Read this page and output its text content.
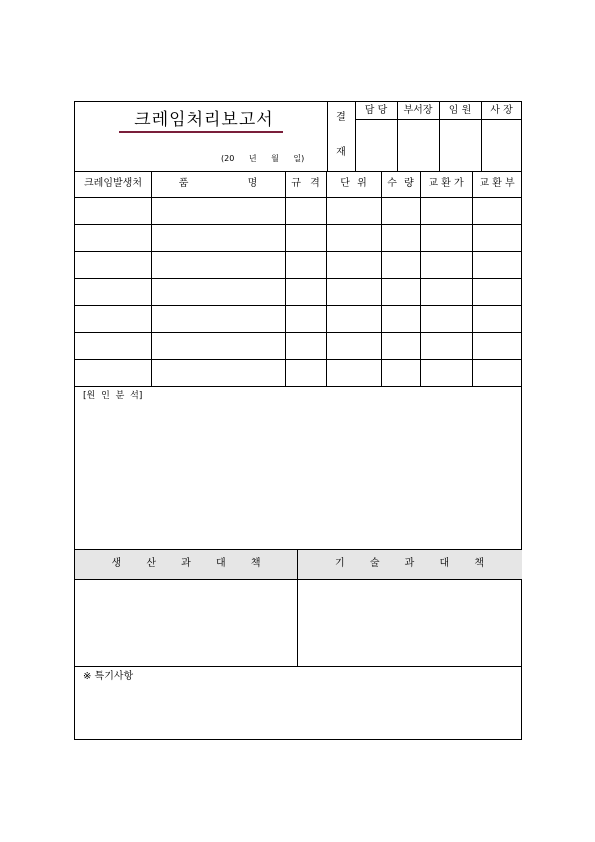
크레임처리보고서
(20 년 월 일)
결
재
담 당	부서장	임 원	사 장
크레임발생처	품 명	규 격	단 위	수 량	교 환 가	교 환 부
[원 인 분 석]
생 산 과 대 책	기 술 과 대 책
※ 특기사항
